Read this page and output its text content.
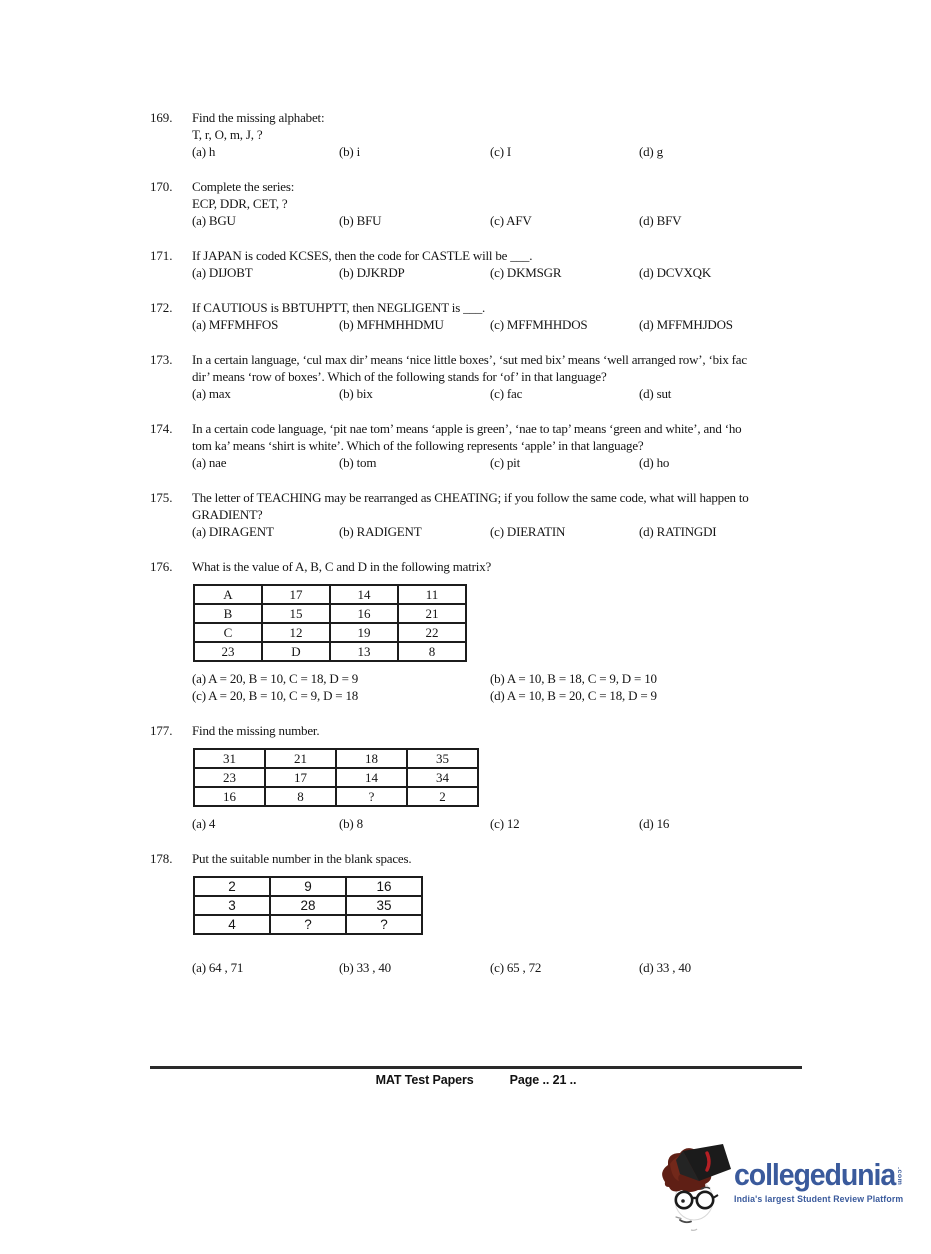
169.	Find the missing alphabet:
T, r, O, m, J, ?
(a) h	(b) i	(c) I	(d) g
170.	Complete the series:
ECP, DDR, CET, ?
(a) BGU	(b) BFU	(c) AFV	(d) BFV
171.	If JAPAN is coded KCSES, then the code for CASTLE will be ___.
(a) DIJOBT	(b) DJKRDP	(c) DKMSGR	(d) DCVXQK
172.	If CAUTIOUS is BBTUHPTT, then NEGLIGENT is ___.
(a) MFFMHFOS	(b) MFHMHHDMU	(c) MFFMHHDOS	(d) MFFMHJDOS
173.	In a certain language, ‘cul max dir’ means ‘nice little boxes’, ‘sut med bix’ means ‘well arranged row’, ‘bix fac
dir’ means ‘row of boxes’. Which of the following stands for ‘of’ in that language?
(a) max	(b) bix	(c) fac	(d) sut
174.	In a certain code language, ‘pit nae tom’ means ‘apple is green’, ‘nae to tap’ means ‘green and white’, and ‘ho
tom ka’ means ‘shirt is white’. Which of the following represents ‘apple’ in that language?
(a) nae	(b) tom	(c) pit	(d) ho
175.	The letter of TEACHING may be rearranged as CHEATING; if you follow the same code, what will happen to
GRADIENT?
(a) DIRAGENT	(b) RADIGENT	(c) DIERATIN	(d) RATINGDI
176.	What is the value of A, B, C and D in the following matrix?
A	17	14	11
B	15	16	21
C	12	19	22
23	D	13	8
(a) A = 20, B = 10, C = 18, D = 9	(b) A = 10, B = 18, C = 9, D = 10
(c) A = 20, B = 10, C = 9, D = 18	(d) A = 10, B = 20, C = 18, D = 9
177.	Find the missing number.
31	21	18	35
23	17	14	34
16	8	?	2
(a) 4	(b) 8	(c) 12	(d) 16
178.	Put the suitable number in the blank spaces.
2	9	16
3	28	35
4	?	?
(a) 64 , 71	(b) 33 , 40	(c) 65 , 72	(d) 33 , 40
MAT Test Papers	Page .. 21 ..
collegedunia .com
India's largest Student Review Platform
